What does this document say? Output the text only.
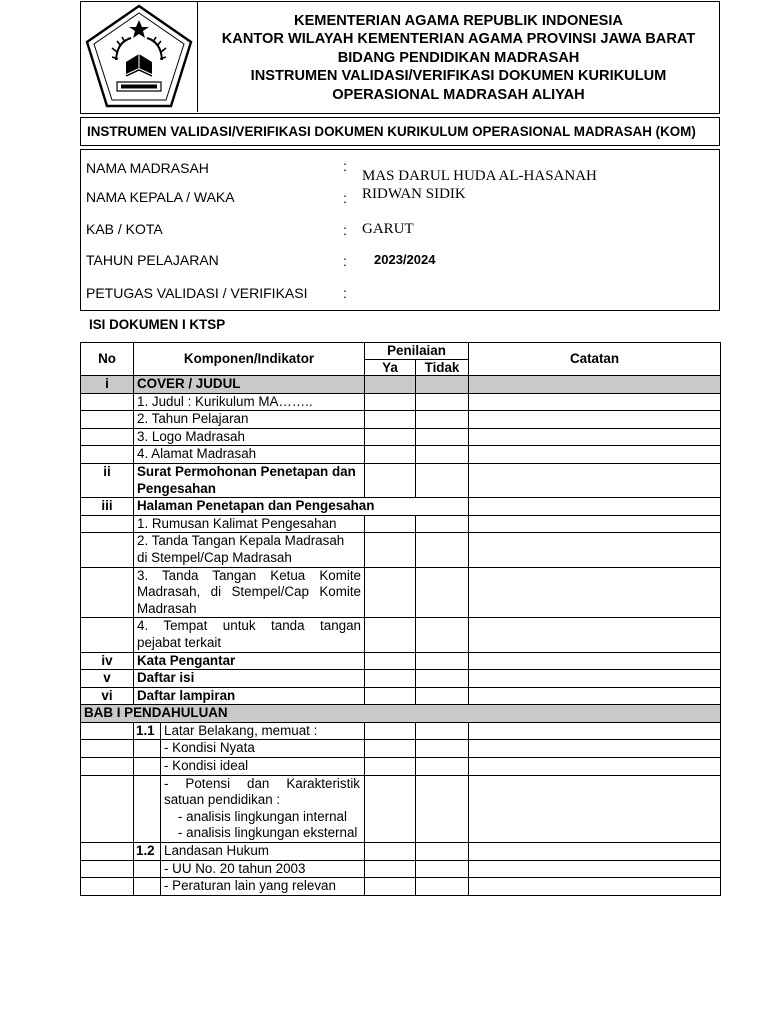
KEMENTERIAN AGAMA REPUBLIK INDONESIA
KANTOR WILAYAH KEMENTERIAN AGAMA PROVINSI JAWA BARAT
BIDANG PENDIDIKAN MADRASAH
INSTRUMEN VALIDASI/VERIFIKASI DOKUMEN KURIKULUM
OPERASIONAL MADRASAH ALIYAH
INSTRUMEN VALIDASI/VERIFIKASI DOKUMEN KURIKULUM OPERASIONAL MADRASAH (KOM)
NAMA MADRASAH	:
MAS DARUL HUDA AL-HASANAH
NAMA KEPALA / WAKA	: RIDWAN SIDIK
KAB / KOTA	: GARUT
TAHUN PELAJARAN	: 2023/2024
PETUGAS VALIDASI / VERIFIKASI	:
ISI DOKUMEN I KTSP
No	Komponen/Indikator		Penilaian		Catatan
			Ya	Tidak	
i	COVER / JUDUL				
	1. Judul : Kurikulum MA……..				
	2. Tahun Pelajaran				
	3. Logo Madrasah				
	4. Alamat Madrasah				
ii	Surat Permohonan Penetapan dan Pengesahan				
iii	Halaman Penetapan dan Pengesahan				
	1. Rumusan Kalimat Pengesahan				
	2. Tanda Tangan Kepala Madrasah di Stempel/Cap Madrasah				
	3. Tanda Tangan Ketua Komite Madrasah, di Stempel/Cap Komite Madrasah				
	4. Tempat untuk tanda tangan pejabat terkait				
iv	Kata Pengantar				
v	Daftar isi				
vi	Daftar lampiran				
BAB I PENDAHULUAN					
	1.1	Latar Belakang, memuat :			
		- Kondisi Nyata			
		- Kondisi ideal			

		- Potensi dan Karakteristik satuan pendidikan :
- analisis lingkungan internal
- analisis lingkungan eksternal			

	1.2	Landasan Hukum			
		- UU No. 20 tahun 2003			
		- Peraturan lain yang relevan			
